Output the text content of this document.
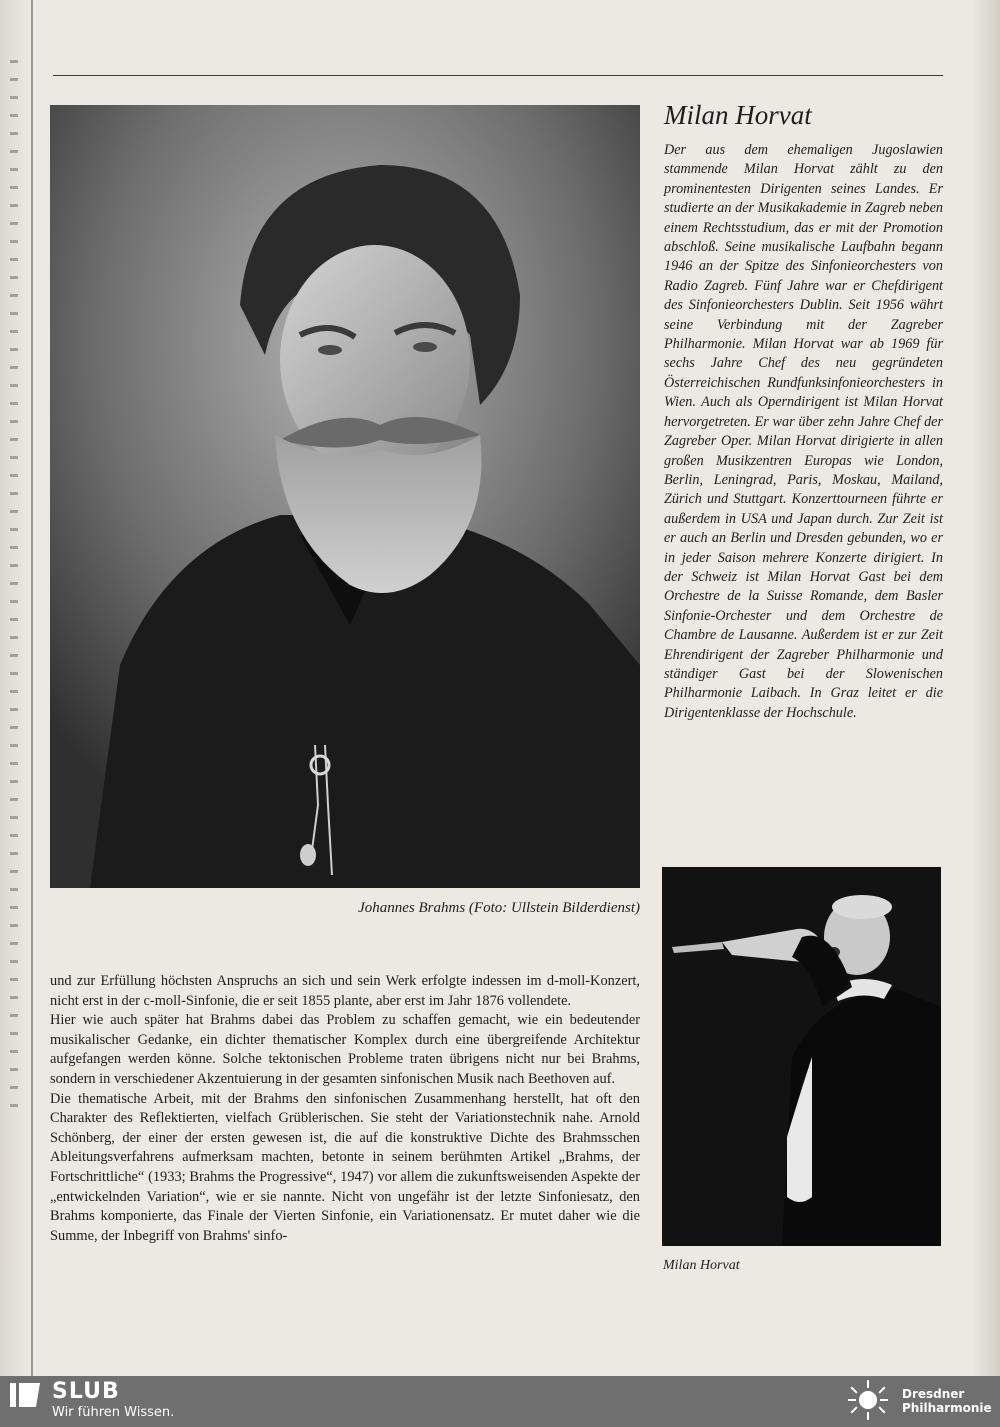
Johannes Brahms (Foto: Ullstein Bilderdienst)
Milan Horvat

Der aus dem ehemaligen Jugoslawien stammende Milan Horvat zählt zu den prominentesten Dirigenten seines Landes. Er studierte an der Musikakademie in Zagreb neben einem Rechtsstudium, das er mit der Promotion abschloß. Seine musikalische Laufbahn begann 1946 an der Spitze des Sinfonieorchesters von Radio Zagreb. Fünf Jahre war er Chefdirigent des Sinfonieorchesters Dublin. Seit 1956 währt seine Verbindung mit der Zagreber Philharmonie. Milan Horvat war ab 1969 für sechs Jahre Chef des neu gegründeten Österreichischen Rundfunksinfonieorchesters in Wien. Auch als Operndirigent ist Milan Horvat hervorgetreten. Er war über zehn Jahre Chef der Zagreber Oper. Milan Horvat dirigierte in allen großen Musikzentren Europas wie London, Berlin, Leningrad, Paris, Moskau, Mailand, Zürich und Stuttgart. Konzerttourneen führte er außerdem in USA und Japan durch. Zur Zeit ist er auch an Berlin und Dresden gebunden, wo er in jeder Saison mehrere Konzerte dirigiert. In der Schweiz ist Milan Horvat Gast bei dem Orchestre de la Suisse Romande, dem Basler Sinfonie-Orchester und dem Orchestre de Chambre de Lausanne. Außerdem ist er zur Zeit Ehrendirigent der Zagreber Philharmonie und ständiger Gast bei der Slowenischen Philharmonie Laibach. In Graz leitet er die Dirigentenklasse der Hochschule.

Milan Horvat

und zur Erfüllung höchsten Anspruchs an sich und sein Werk erfolgte indessen im d-moll-Konzert, nicht erst in der c-moll-Sinfonie, die er seit 1855 plante, aber erst im Jahr 1876 vollendete.

Hier wie auch später hat Brahms dabei das Problem zu schaffen gemacht, wie ein bedeutender musikalischer Gedanke, ein dichter thematischer Komplex durch eine übergreifende Architektur aufgefangen werden könne. Solche tektonischen Probleme traten übrigens nicht nur bei Brahms, sondern in verschiedener Akzentuierung in der gesamten sinfonischen Musik nach Beethoven auf.

Die thematische Arbeit, mit der Brahms den sinfonischen Zusammenhang herstellt, hat oft den Charakter des Reflektierten, vielfach Grüblerischen. Sie steht der Variationstechnik nahe. Arnold Schönberg, der einer der ersten gewesen ist, die auf die konstruktive Dichte des Brahmsschen Ableitungsverfahrens aufmerksam machten, betonte in seinem berühmten Artikel „Brahms, der Fortschrittliche“ (1933; Brahms the Progressive“, 1947) vor allem die zukunftsweisenden Aspekte der „entwickelnden Variation“, wie er sie nannte. Nicht von ungefähr ist der letzte Sinfoniesatz, den Brahms komponierte, das Finale der Vierten Sinfonie, ein Variationensatz. Er mutet daher wie die Summe, der Inbegriff von Brahms' sinfo-

SLUB
Wir führen Wissen.
Dresdner
Philharmonie
